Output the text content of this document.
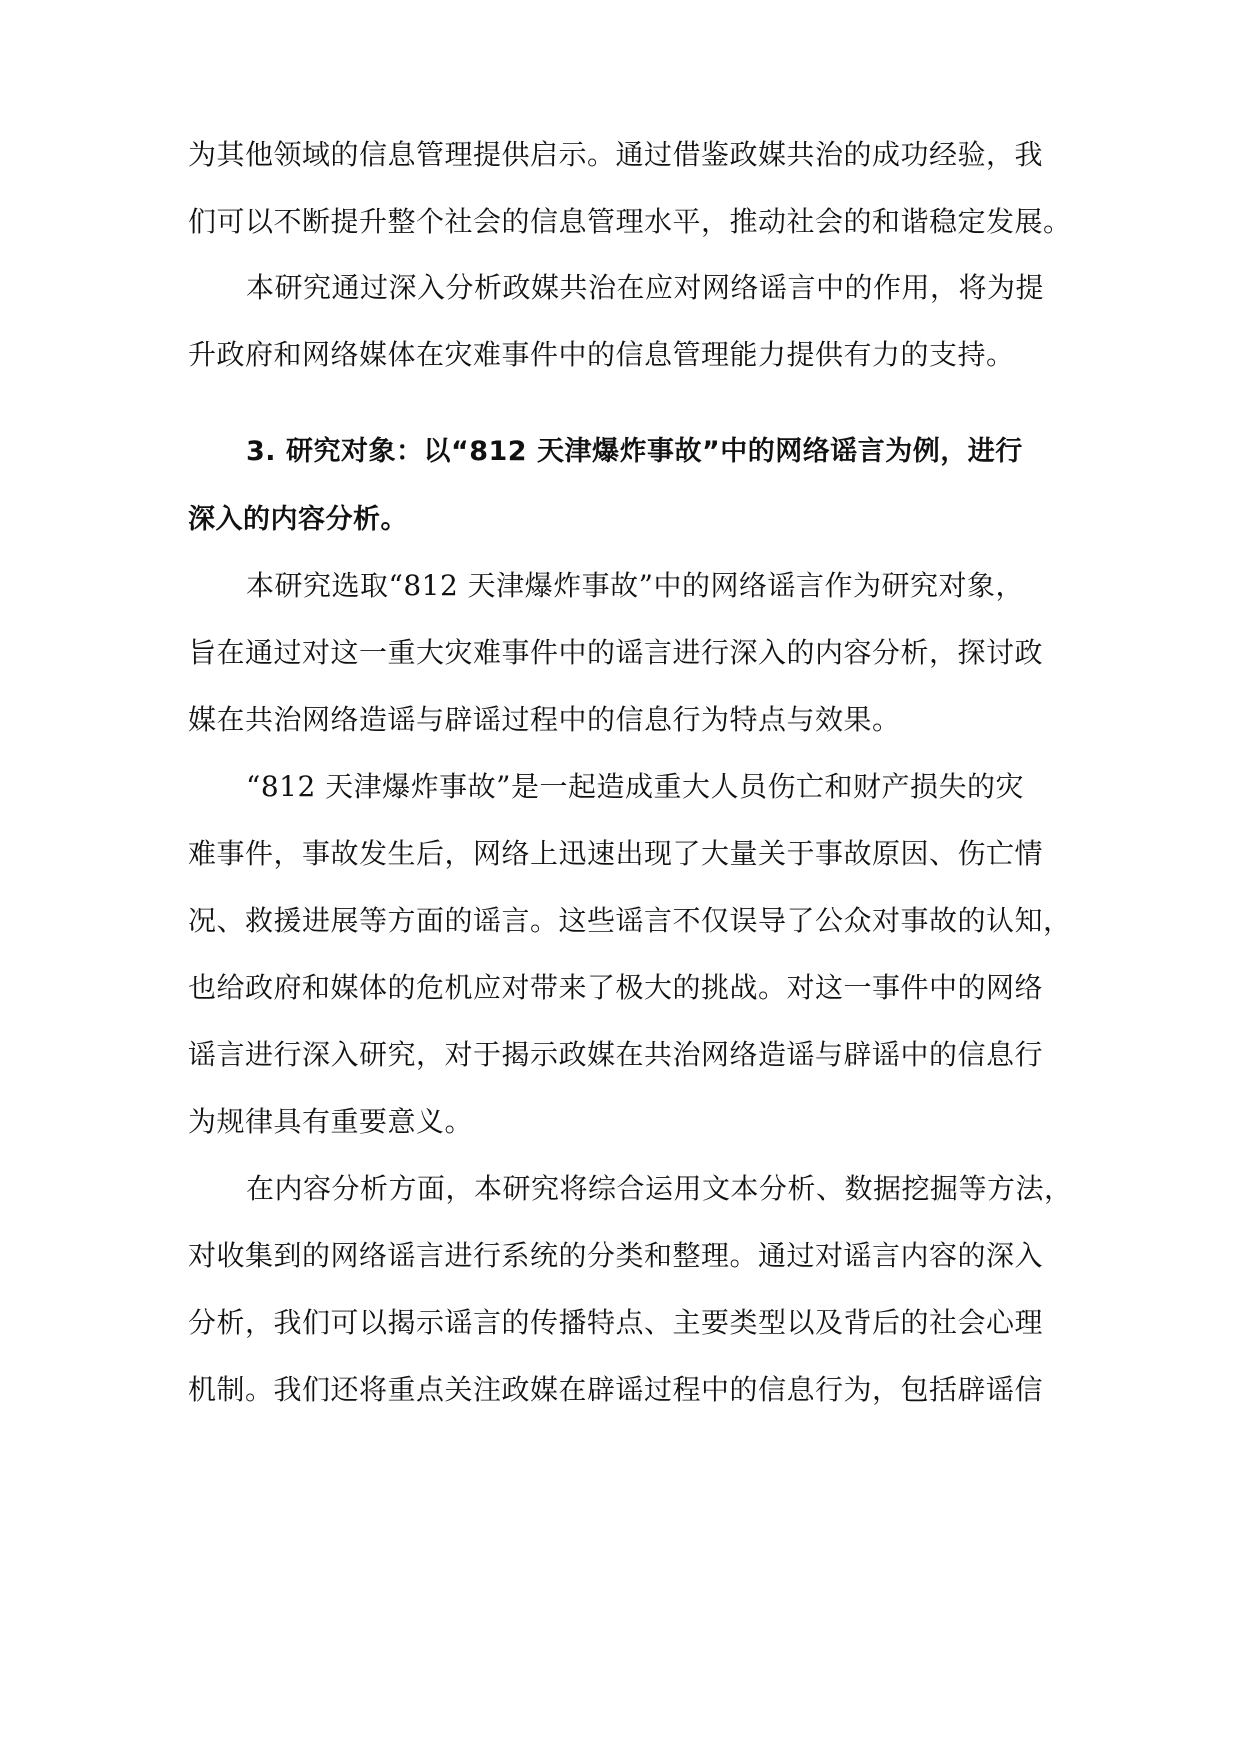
为其他领域的信息管理提供启示。通过借鉴政媒共治的成功经验，我
们可以不断提升整个社会的信息管理水平，推动社会的和谐稳定发展。
本研究通过深入分析政媒共治在应对网络谣言中的作用，将为提
升政府和网络媒体在灾难事件中的信息管理能力提供有力的支持。
3. 研究对象：以“812 天津爆炸事故”中的网络谣言为例，进行
深入的内容分析。
本研究选取“812 天津爆炸事故”中的网络谣言作为研究对象，
旨在通过对这一重大灾难事件中的谣言进行深入的内容分析，探讨政
媒在共治网络造谣与辟谣过程中的信息行为特点与效果。
“812 天津爆炸事故”是一起造成重大人员伤亡和财产损失的灾
难事件，事故发生后，网络上迅速出现了大量关于事故原因、伤亡情
况、救援进展等方面的谣言。这些谣言不仅误导了公众对事故的认知，
也给政府和媒体的危机应对带来了极大的挑战。对这一事件中的网络
谣言进行深入研究，对于揭示政媒在共治网络造谣与辟谣中的信息行
为规律具有重要意义。
在内容分析方面，本研究将综合运用文本分析、数据挖掘等方法，
对收集到的网络谣言进行系统的分类和整理。通过对谣言内容的深入
分析，我们可以揭示谣言的传播特点、主要类型以及背后的社会心理
机制。我们还将重点关注政媒在辟谣过程中的信息行为，包括辟谣信
